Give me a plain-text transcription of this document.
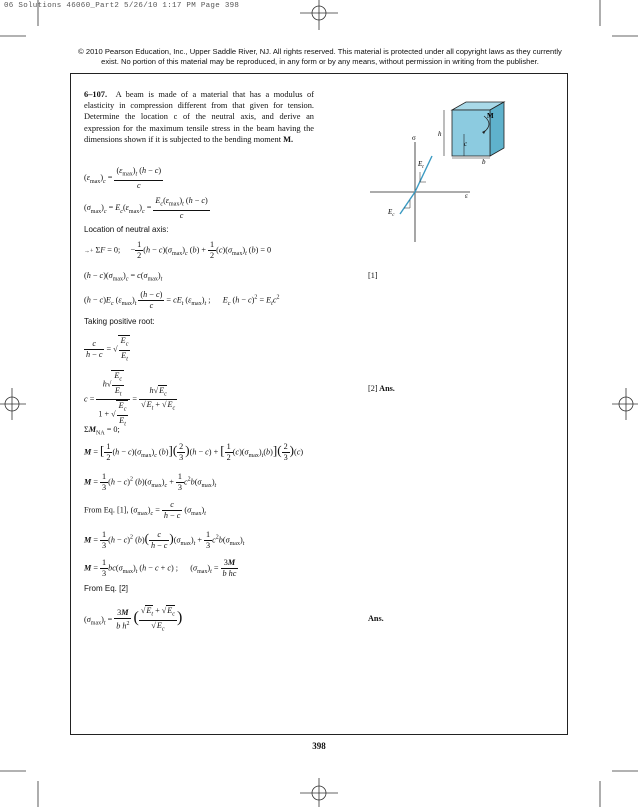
06 Solutions 46060_Part2 5/26/10 1:17 PM Page 398
© 2010 Pearson Education, Inc., Upper Saddle River, NJ. All rights reserved. This material is protected under all copyright laws as they currently exist. No portion of this material may be reproduced, in any form or by any means, without permission in writing from the publisher.
6–107. A beam is made of a material that has a modulus of elasticity in compression different from that given for tension. Determine the location c of the neutral axis, and derive an expression for the maximum tensile stress in the beam having the dimensions shown if it is subjected to the bending moment M.
M
h
c
b
σ
ε
$E_t$
$E_c$
$(\varepsilon_{max})_c = \frac{(\varepsilon_{max})_t (h - c)}{c}$
$(\sigma_{max})_c = E_c(\varepsilon_{max})_c = \frac{E_c(\varepsilon_{max})_t (h - c)}{c}$
Location of neutral axis:
→+ ΣF = 0;     − $\frac{1}{2} (h - c)(\sigma_{max})_c$ $(b) + \frac{1}{2} (c)(\sigma_{max})_t$ (b) = 0
$(h - c)(\sigma_{max})_c = c(\sigma_{max})_t$	[1]
$(h - c)E_c$ $(\varepsilon_{max})_t \frac{(h - c)}{c} = cE_t$ $(\varepsilon_{max})_t$ ;      $E_c$ $(h - c)^2 = E_tc^2$
Taking positive root:
$\frac{c}{h - c}$ = √ $\frac{E_c}{E_t}$
$c = \frac{h√ \frac{E_c}{E_t}}{1 + √ \frac{E_c}{E_t}} = \frac{h√E_c}{√E_t + √E_c}$	[2] Ans.
$\Sigma M_{NA} = 0$;
M = [ $\frac{1}{2} (h - c)(\sigma_{max})_c$ $(b)]( \frac{2}{3} )(h - c)$ + [ $\frac{1}{2} (c)(\sigma_{max})_t(b)]( \frac{2}{3} )(c)$
$M = \frac{1}{3} (h - c)^2$ $(b)(\sigma_{max})_c + \frac{1}{3} c^2b(\sigma_{max})_t$
From Eq. [1], $(\sigma_{max})_c = \frac{c}{h - c} (\sigma_{max})_t$
$M = \frac{1}{3} (h - c)^2$ $(b)( \frac{c}{h - c} )(\sigma_{max})_t + \frac{1}{3} c^2b(\sigma_{max})_t$
$M = \frac{1}{3} bc(\sigma_{max})_t$ (h − c + c) ;      $(\sigma_{max})_t = \frac{3M}{\text{b hc}}$
From Eq. [2]
$(\sigma_{max})_t = \frac{3M}{b h^2}$ ( $\frac{√E_t + √E_c}{√E_c}$ )	Ans.
398
